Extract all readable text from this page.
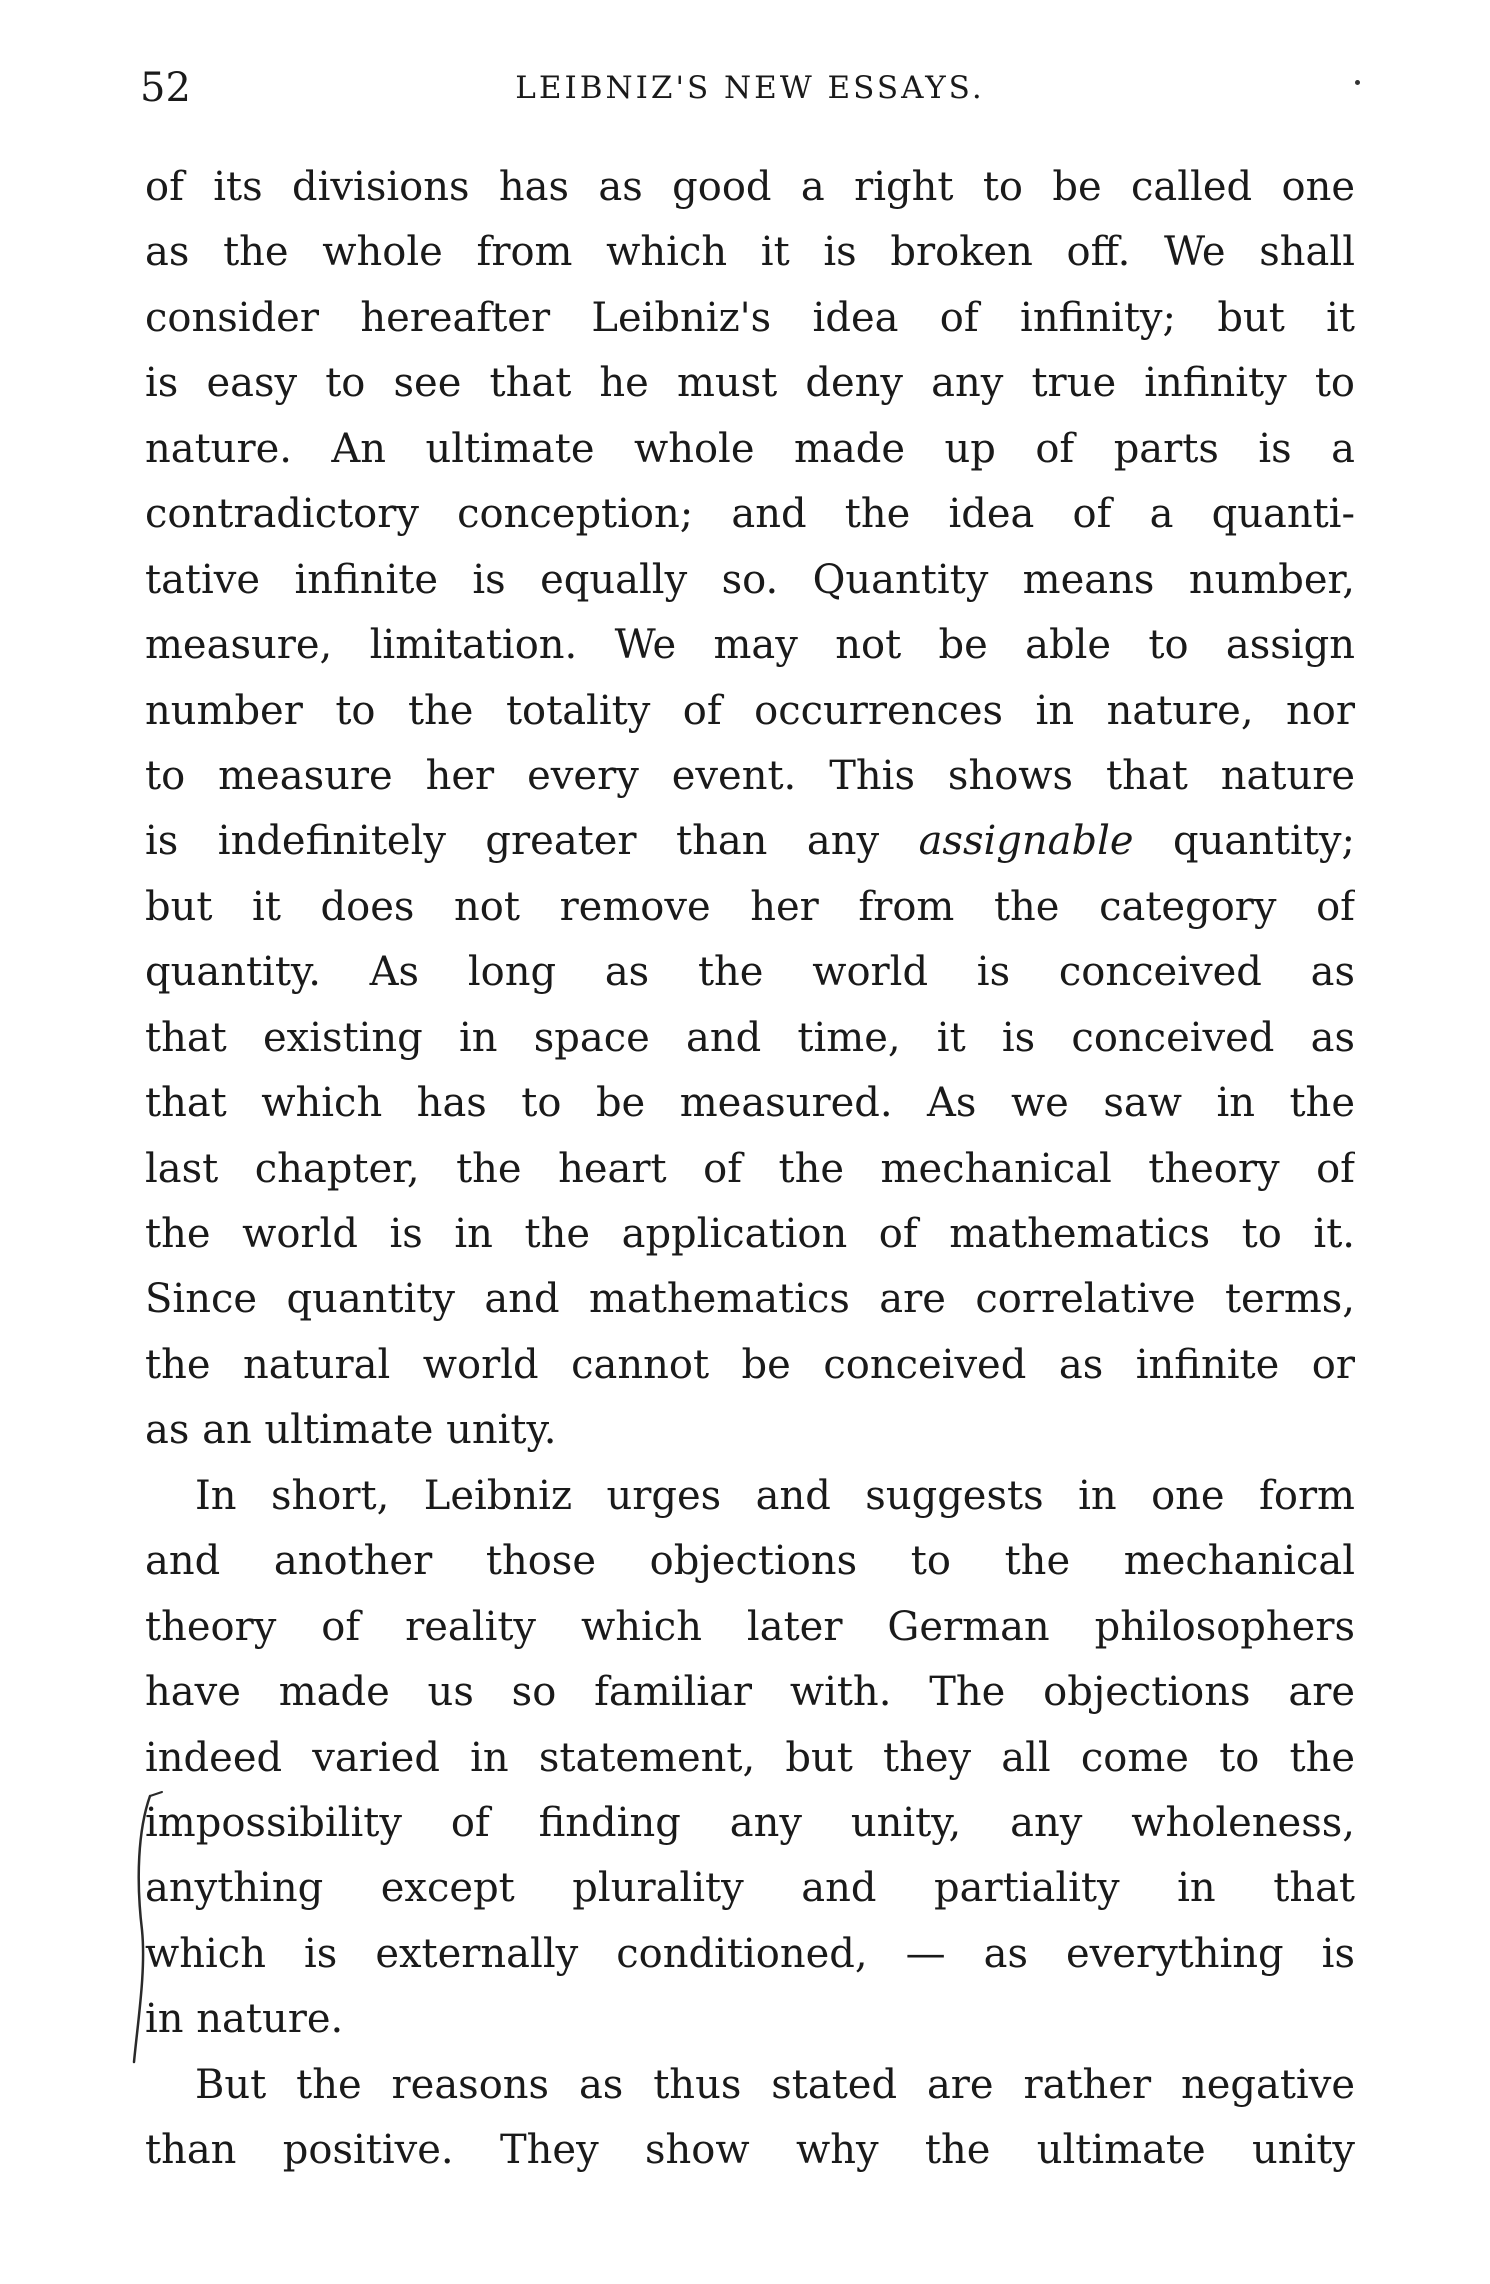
52	LEIBNIZ'S NEW ESSAYS.
of its divisions has as good a right to be called one
as the whole from which it is broken off. We shall
consider hereafter Leibniz's idea of infinity; but it
is easy to see that he must deny any true infinity to
nature. An ultimate whole made up of parts is a
contradictory conception; and the idea of a quanti-
tative infinite is equally so. Quantity means number,
measure, limitation. We may not be able to assign
number to the totality of occurrences in nature, nor
to measure her every event. This shows that nature
is indefinitely greater than any assignable quantity;
but it does not remove her from the category of
quantity. As long as the world is conceived as
that existing in space and time, it is conceived as
that which has to be measured. As we saw in the
last chapter, the heart of the mechanical theory of
the world is in the application of mathematics to it.
Since quantity and mathematics are correlative terms,
the natural world cannot be conceived as infinite or
as an ultimate unity.
In short, Leibniz urges and suggests in one form
and another those objections to the mechanical
theory of reality which later German philosophers
have made us so familiar with. The objections are
indeed varied in statement, but they all come to the
impossibility of finding any unity, any wholeness,
anything except plurality and partiality in that
which is externally conditioned, — as everything is
in nature.
But the reasons as thus stated are rather negative
than positive. They show why the ultimate unity
